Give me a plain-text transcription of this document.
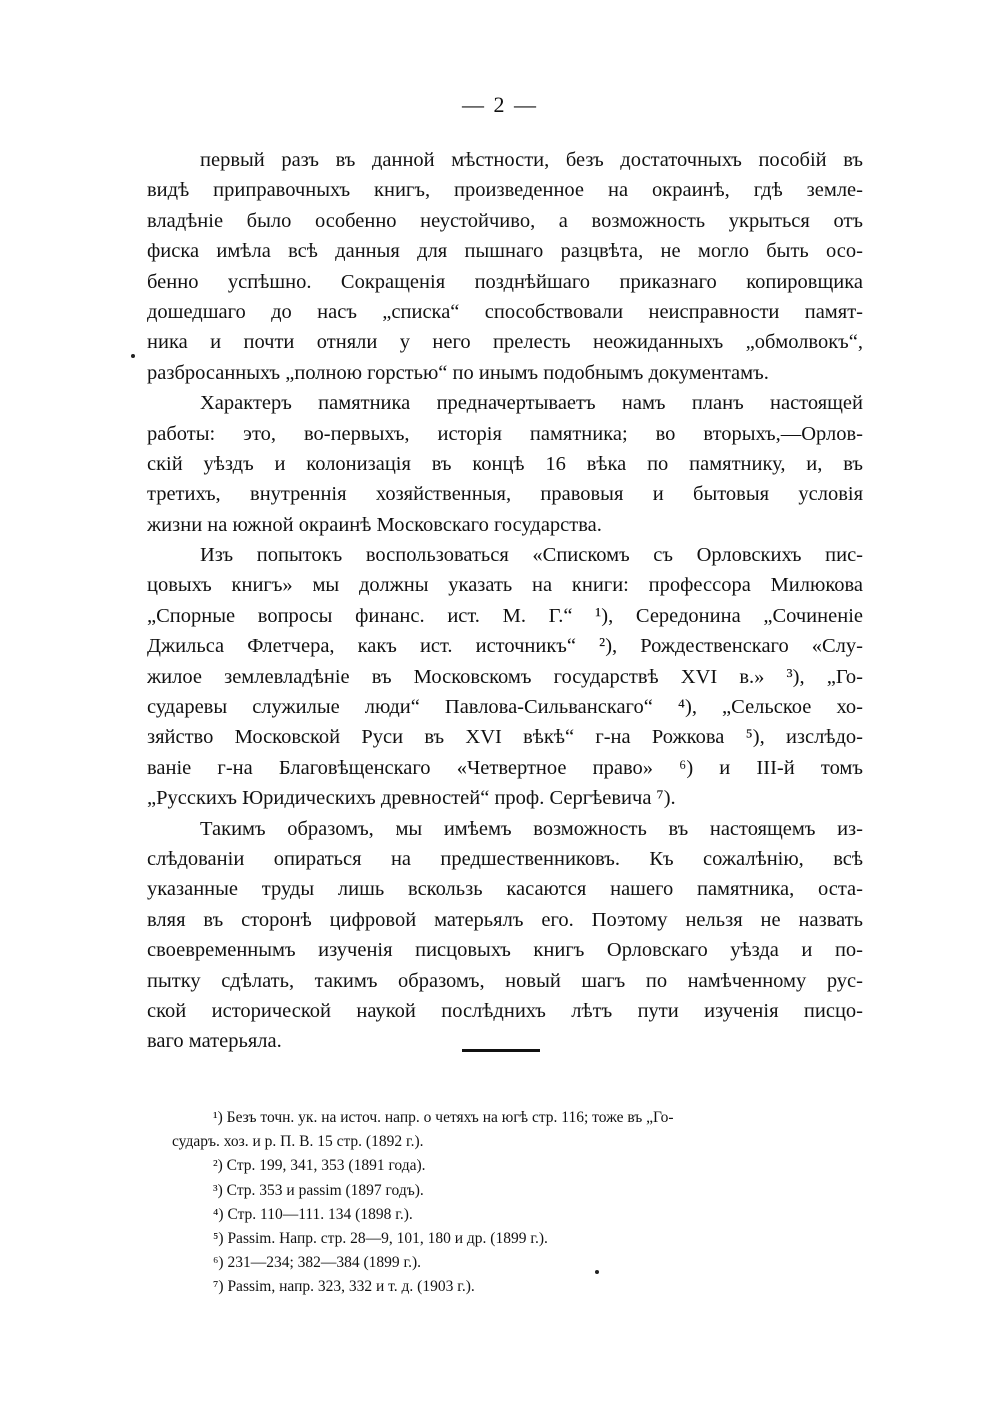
— 2 —
первый разъ въ данной мѣстности, безъ достаточныхъ пособій въ
видѣ приправочныхъ книгъ, произведенное на окраинѣ, гдѣ земле-
владѣніе было особенно неустойчиво, а возможность укрыться отъ
фиска имѣла всѣ данныя для пышнаго разцвѣта, не могло быть осо-
бенно успѣшно. Сокращенія позднѣйшаго приказнаго копировщика
дошедшаго до насъ „списка“ способствовали неисправности памят-
ника и почти отняли у него прелесть неожиданныхъ „обмолвокъ“,
разбросанныхъ „полною горстью“ по инымъ подобнымъ документамъ.
Характеръ памятника предначертываетъ намъ планъ настоящей
работы: это, во-первыхъ, исторія памятника; во вторыхъ,—Орлов-
скій уѣздъ и колонизація въ концѣ 16 вѣка по памятнику, и, въ
третихъ, внутреннія хозяйственныя, правовыя и бытовыя условія
жизни на южной окраинѣ Московскаго государства.
Изъ попытокъ воспользоваться «Спискомъ съ Орловскихъ пис-
цовыхъ книгъ» мы должны указать на книги: профессора Милюкова
„Спорные вопросы финанс. ист. М. Г.“ ¹), Середонина „Сочиненіе
Джильса Флетчера, какъ ист. источникъ“ ²), Рождественскаго «Слу-
жилое землевладѣніе въ Московскомъ государствѣ XVI в.» ³), „Го-
судаpевы служилые люди“ Павлова-Сильванскаго“ ⁴), „Сельское хо-
зяйство Московской Руси въ XVI вѣкѣ“ г-на Рожкова ⁵), изслѣдо-
ваніе г-на Благовѣщенскаго «Четвертное право» ⁶) и III-й томъ
„Русскихъ Юридическихъ древностей“ проф. Сергѣевича ⁷).
Такимъ образомъ, мы имѣемъ возможность въ настоящемъ из-
слѣдованіи опираться на предшественниковъ. Къ сожалѣнію, всѣ
указанные труды лишь вскользь касаются нашего памятника, оста-
вляя въ сторонѣ цифровой матерьялъ его. Поэтому нельзя не назвать
своевременнымъ изученія писцовыхъ книгъ Орловскаго уѣзда и по-
пытку сдѣлать, такимъ образомъ, новый шагъ по намѣченному рус-
ской исторической наукой послѣднихъ лѣтъ пути изученія писцо-
ваго матерьяла.
¹) Безъ точн. ук. на источ. напр. о четяхъ на югѣ стр. 116; тоже въ „Го-
сударъ. хоз. и р. П. В. 15 стр. (1892 г.).
²) Стр. 199, 341, 353 (1891 года).
³) Стр. 353 и passim (1897 годъ).
⁴) Стр. 110—111. 134 (1898 г.).
⁵) Passim. Напр. стр. 28—9, 101, 180 и др. (1899 г.).
⁶) 231—234; 382—384 (1899 г.).
⁷) Passim, напр. 323, 332 и т. д. (1903 г.).
